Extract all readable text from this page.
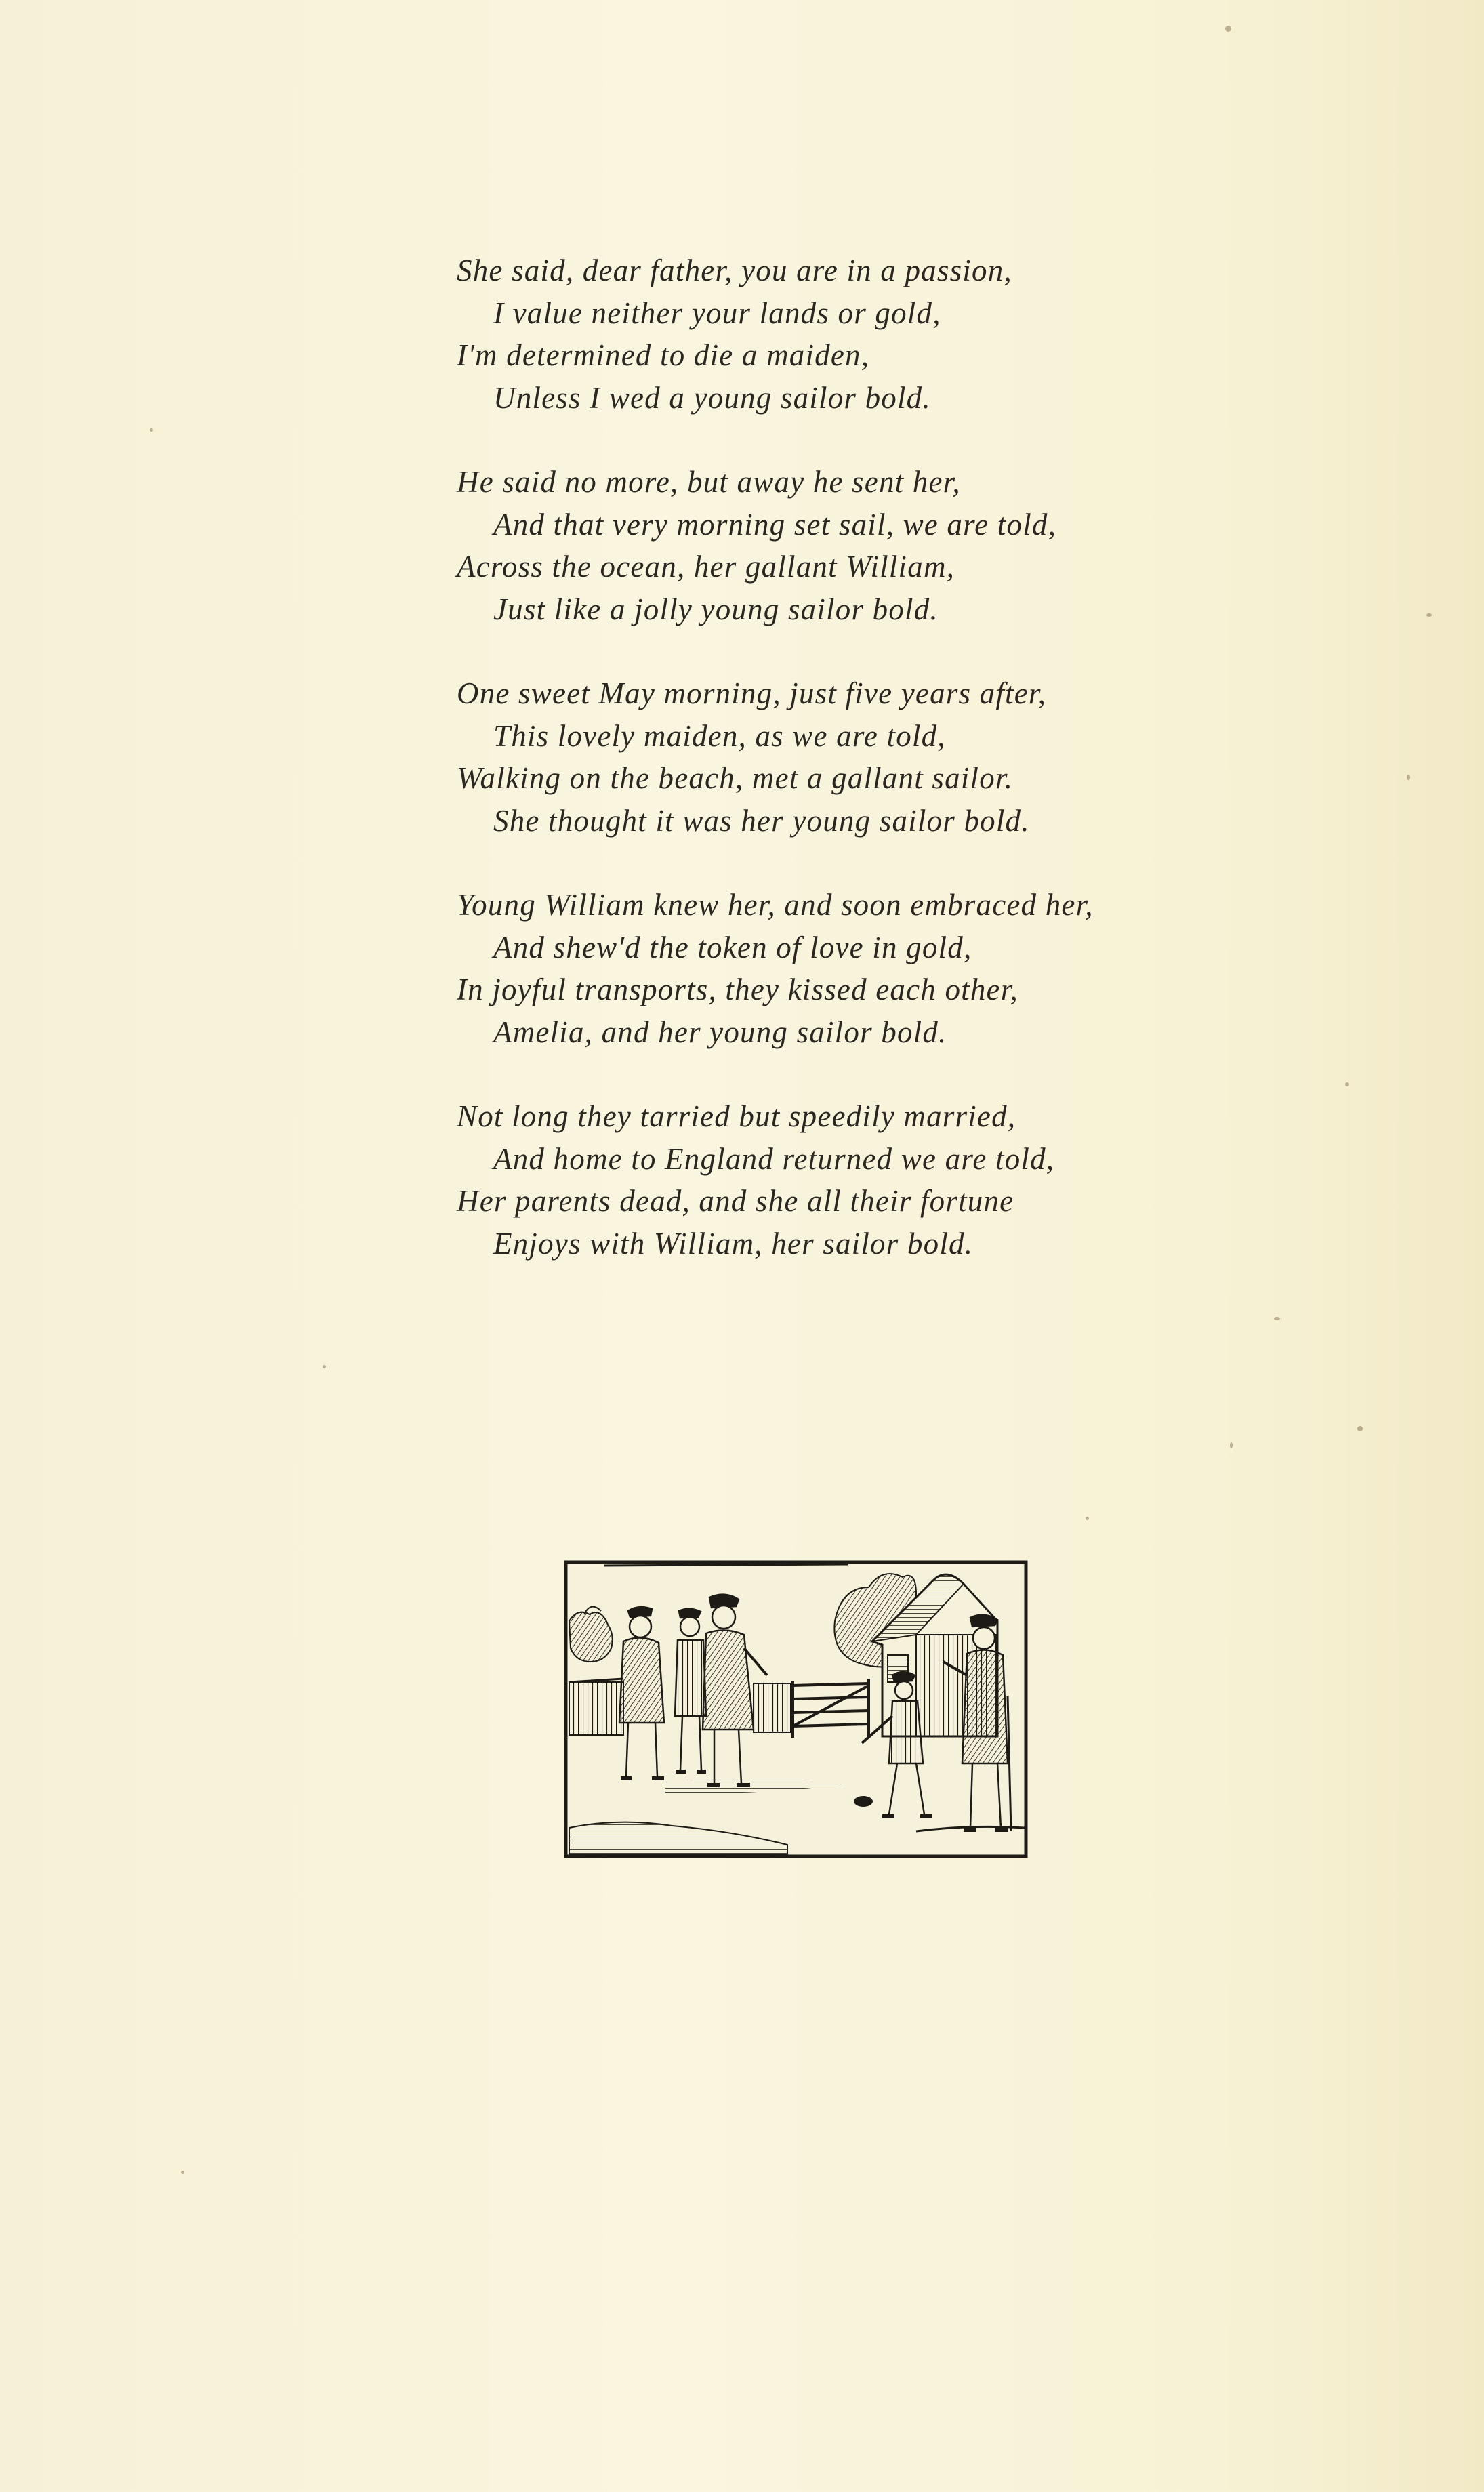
She said, dear father, you are in a passion,
I value neither your lands or gold,
I'm determined to die a maiden,
Unless I wed a young sailor bold.
He said no more, but away he sent her,
And that very morning set sail, we are told,
Across the ocean, her gallant William,
Just like a jolly young sailor bold.
One sweet May morning, just five years after,
This lovely maiden, as we are told,
Walking on the beach, met a gallant sailor.
She thought it was her young sailor bold.
Young William knew her, and soon embraced her,
And shew'd the token of love in gold,
In joyful transports, they kissed each other,
Amelia, and her young sailor bold.
Not long they tarried but speedily married,
And home to England returned we are told,
Her parents dead, and she all their fortune
Enjoys with William, her sailor bold.
